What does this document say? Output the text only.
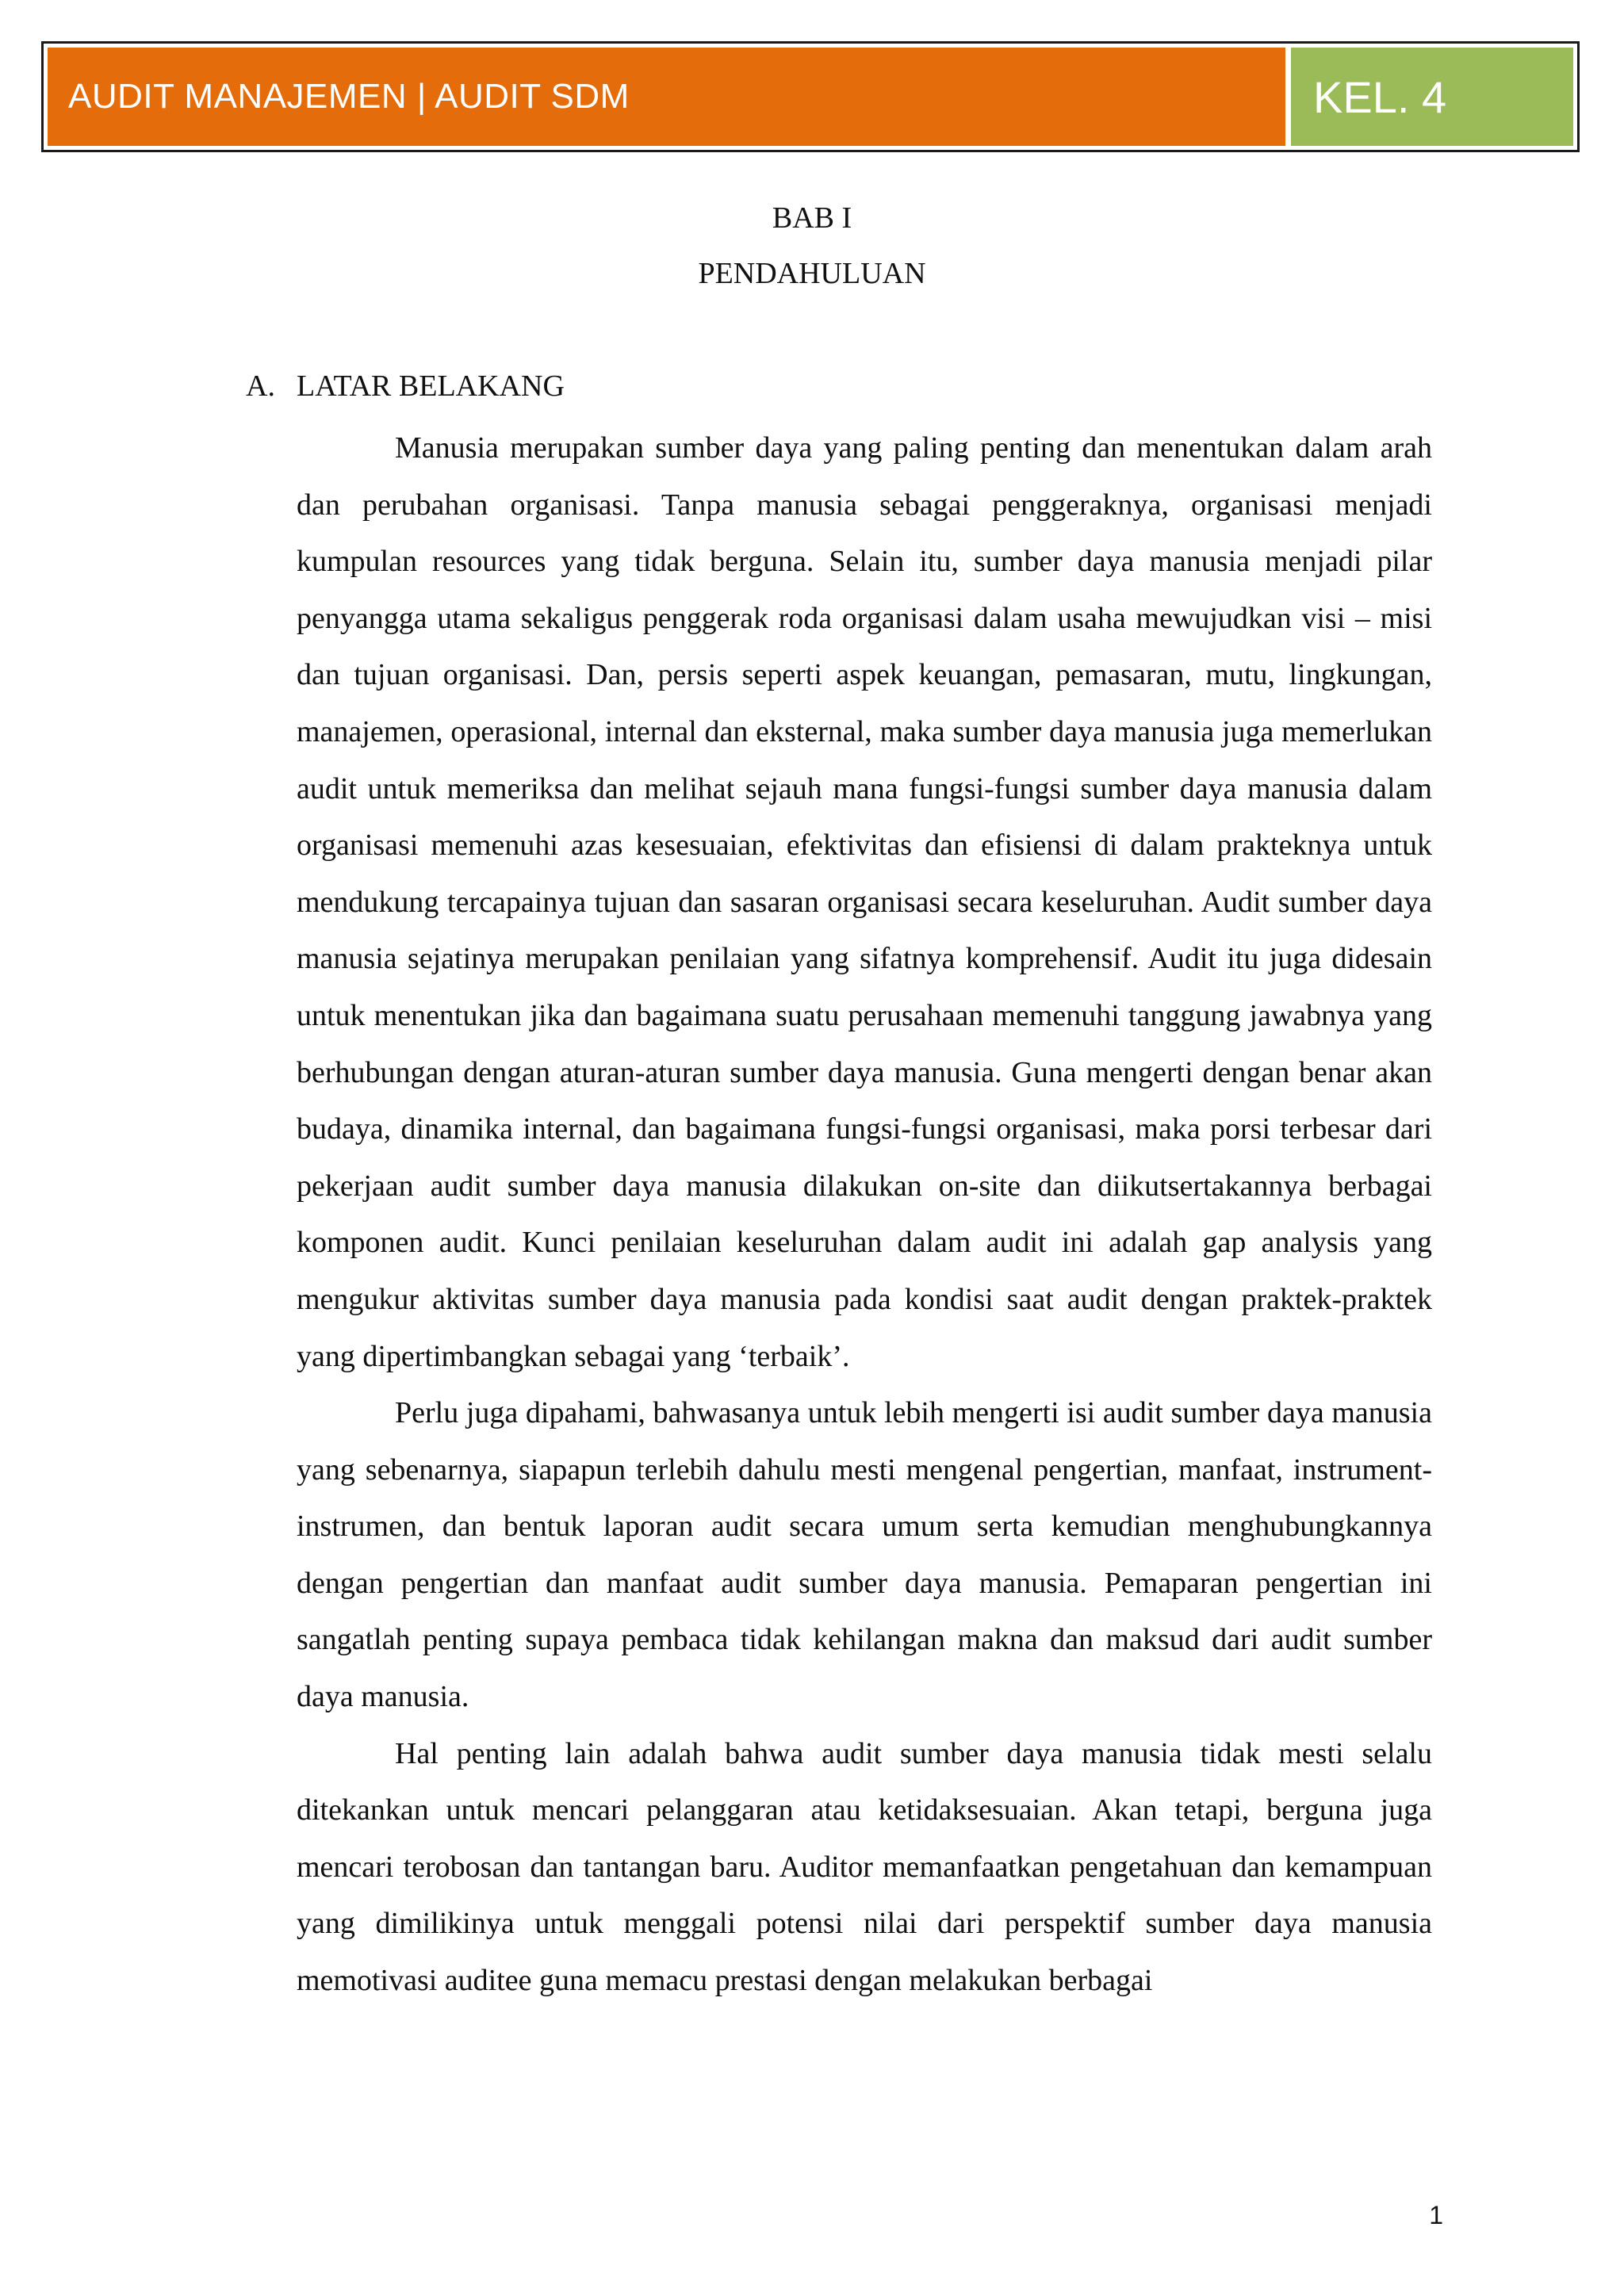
AUDIT MANAJEMEN | AUDIT SDM	KEL. 4
BAB I
PENDAHULUAN
A. LATAR BELAKANG

Manusia merupakan sumber daya yang paling penting dan menentukan dalam arah dan perubahan organisasi. Tanpa manusia sebagai penggeraknya, organisasi menjadi kumpulan resources yang tidak berguna. Selain itu, sumber daya manusia menjadi pilar penyangga utama sekaligus penggerak roda organisasi dalam usaha mewujudkan visi – misi dan tujuan organisasi. Dan, persis seperti aspek keuangan, pemasaran, mutu, lingkungan, manajemen, operasional, internal dan eksternal, maka sumber daya manusia juga memerlukan audit untuk memeriksa dan melihat sejauh mana fungsi-fungsi sumber daya manusia dalam organisasi memenuhi azas kesesuaian, efektivitas dan efisiensi di dalam prakteknya untuk mendukung tercapainya tujuan dan sasaran organisasi secara keseluruhan. Audit sumber daya manusia sejatinya merupakan penilaian yang sifatnya komprehensif. Audit itu juga didesain untuk menentukan jika dan bagaimana suatu perusahaan memenuhi tanggung jawabnya yang berhubungan dengan aturan-aturan sumber daya manusia. Guna mengerti dengan benar akan budaya, dinamika internal, dan bagaimana fungsi-fungsi organisasi, maka porsi terbesar dari pekerjaan audit sumber daya manusia dilakukan on-site dan diikutsertakannya berbagai komponen audit. Kunci penilaian keseluruhan dalam audit ini adalah gap analysis yang mengukur aktivitas sumber daya manusia pada kondisi saat audit dengan praktek-praktek yang dipertimbangkan sebagai yang ‘terbaik’.

Perlu juga dipahami, bahwasanya untuk lebih mengerti isi audit sumber daya manusia yang sebenarnya, siapapun terlebih dahulu mesti mengenal pengertian, manfaat, instrument-instrumen, dan bentuk laporan audit secara umum serta kemudian menghubungkannya dengan pengertian dan manfaat audit sumber daya manusia. Pemaparan pengertian ini sangatlah penting supaya pembaca tidak kehilangan makna dan maksud dari audit sumber daya manusia.

Hal penting lain adalah bahwa audit sumber daya manusia tidak mesti selalu ditekankan untuk mencari pelanggaran atau ketidaksesuaian. Akan tetapi, berguna juga mencari terobosan dan tantangan baru. Auditor memanfaatkan pengetahuan dan kemampuan yang dimilikinya untuk menggali potensi nilai dari perspektif sumber daya manusia memotivasi auditee guna memacu prestasi dengan melakukan berbagai

1
